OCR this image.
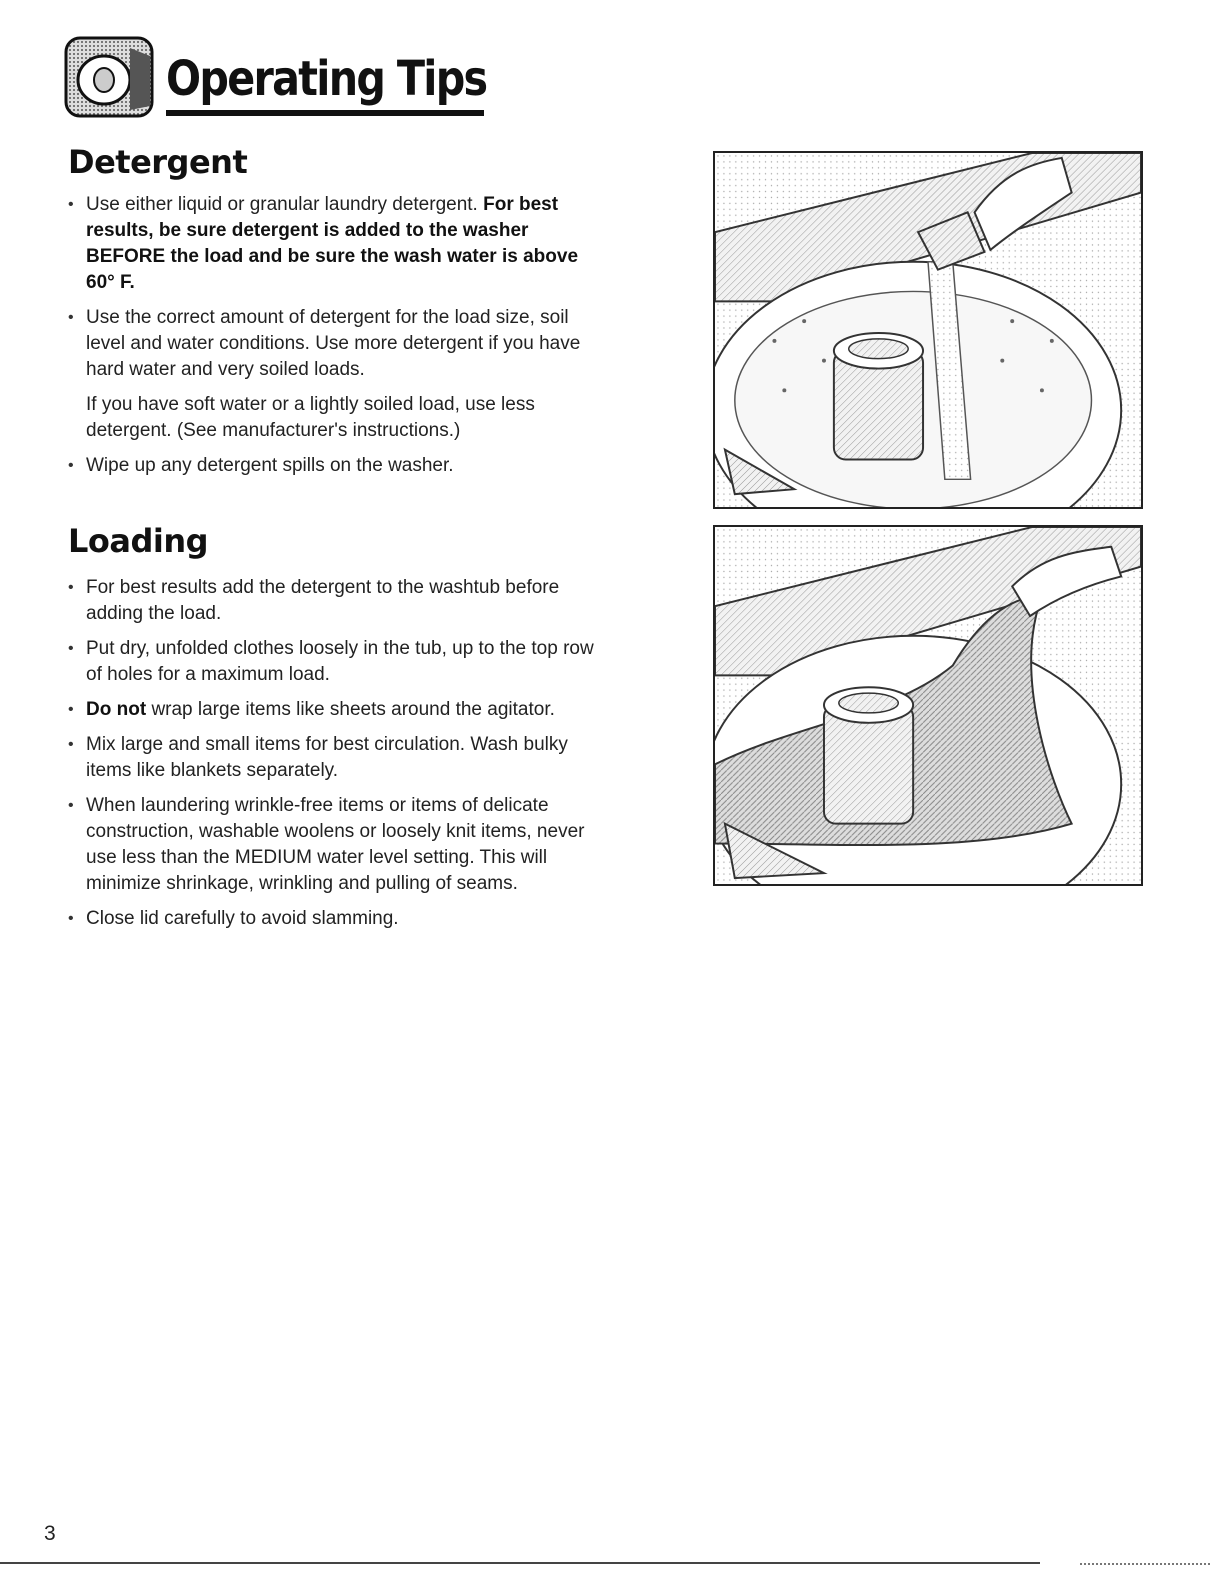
Operating Tips
Detergent
• Use either liquid or granular laundry detergent. For best results, be sure detergent is added to the washer BEFORE the load and be sure the wash water is above 60° F.
• Use the correct amount of detergent for the load size, soil level and water conditions. Use more detergent if you have hard water and very soiled loads.
If you have soft water or a lightly soiled load, use less detergent. (See manufacturer's instructions.)
• Wipe up any detergent spills on the washer.
Loading
• For best results add the detergent to the washtub before adding the load.
• Put dry, unfolded clothes loosely in the tub, up to the top row of holes for a maximum load.
• Do not wrap large items like sheets around the agitator.
• Mix large and small items for best circulation. Wash bulky items like blankets separately.
• When laundering wrinkle-free items or items of delicate construction, washable woolens or loosely knit items, never use less than the MEDIUM water level setting. This will minimize shrinkage, wrinkling and pulling of seams.
• Close lid carefully to avoid slamming.
3
